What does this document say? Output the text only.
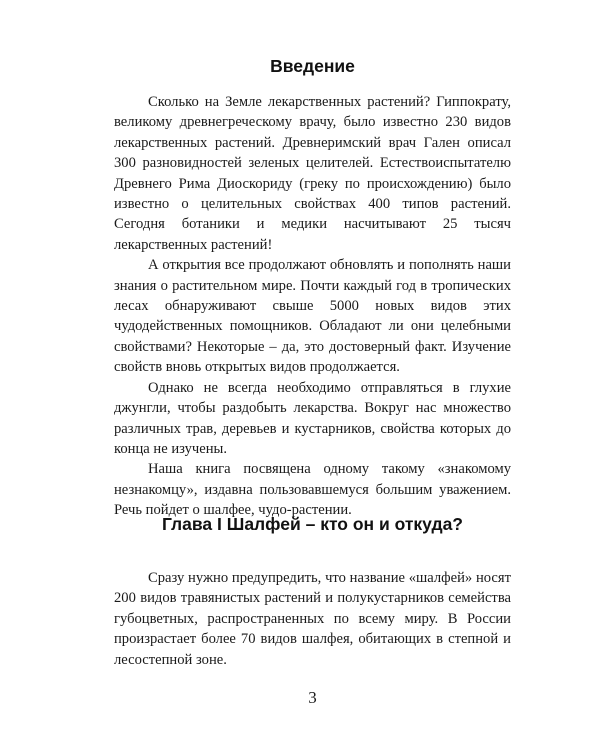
Введение

Сколько на Земле лекарственных растений? Гиппократу, великому древнегреческому врачу, было известно 230 видов лекарственных растений. Древнеримский врач Гален описал 300 разновидностей зеленых целителей. Естествоиспытателю Древнего Рима Диоскориду (греку по происхождению) было известно о целительных свойствах 400 типов растений. Сегодня ботаники и медики насчитывают 25 тысяч лекарственных растений!

А открытия все продолжают обновлять и пополнять наши знания о растительном мире. Почти каждый год в тропических лесах обнаруживают свыше 5000 новых видов этих чудодейственных помощников. Обладают ли они целебными свойствами? Некоторые – да, это достоверный факт. Изучение свойств вновь открытых видов продолжается.

Однако не всегда необходимо отправляться в глухие джунгли, чтобы раздобыть лекарства. Вокруг нас множество различных трав, деревьев и кустарников, свойства которых до конца не изучены.

Наша книга посвящена одному такому «знакомому незнакомцу», издавна пользовавшемуся большим уважением. Речь пойдет о шалфее, чудо-растении.

Глава I Шалфей – кто он и откуда?

Сразу нужно предупредить, что название «шалфей» носят 200 видов травянистых растений и полукустарников семейства губоцветных, распространенных по всему миру. В России произрастает более 70 видов шалфея, обитающих в степной и лесостепной зоне.

3
